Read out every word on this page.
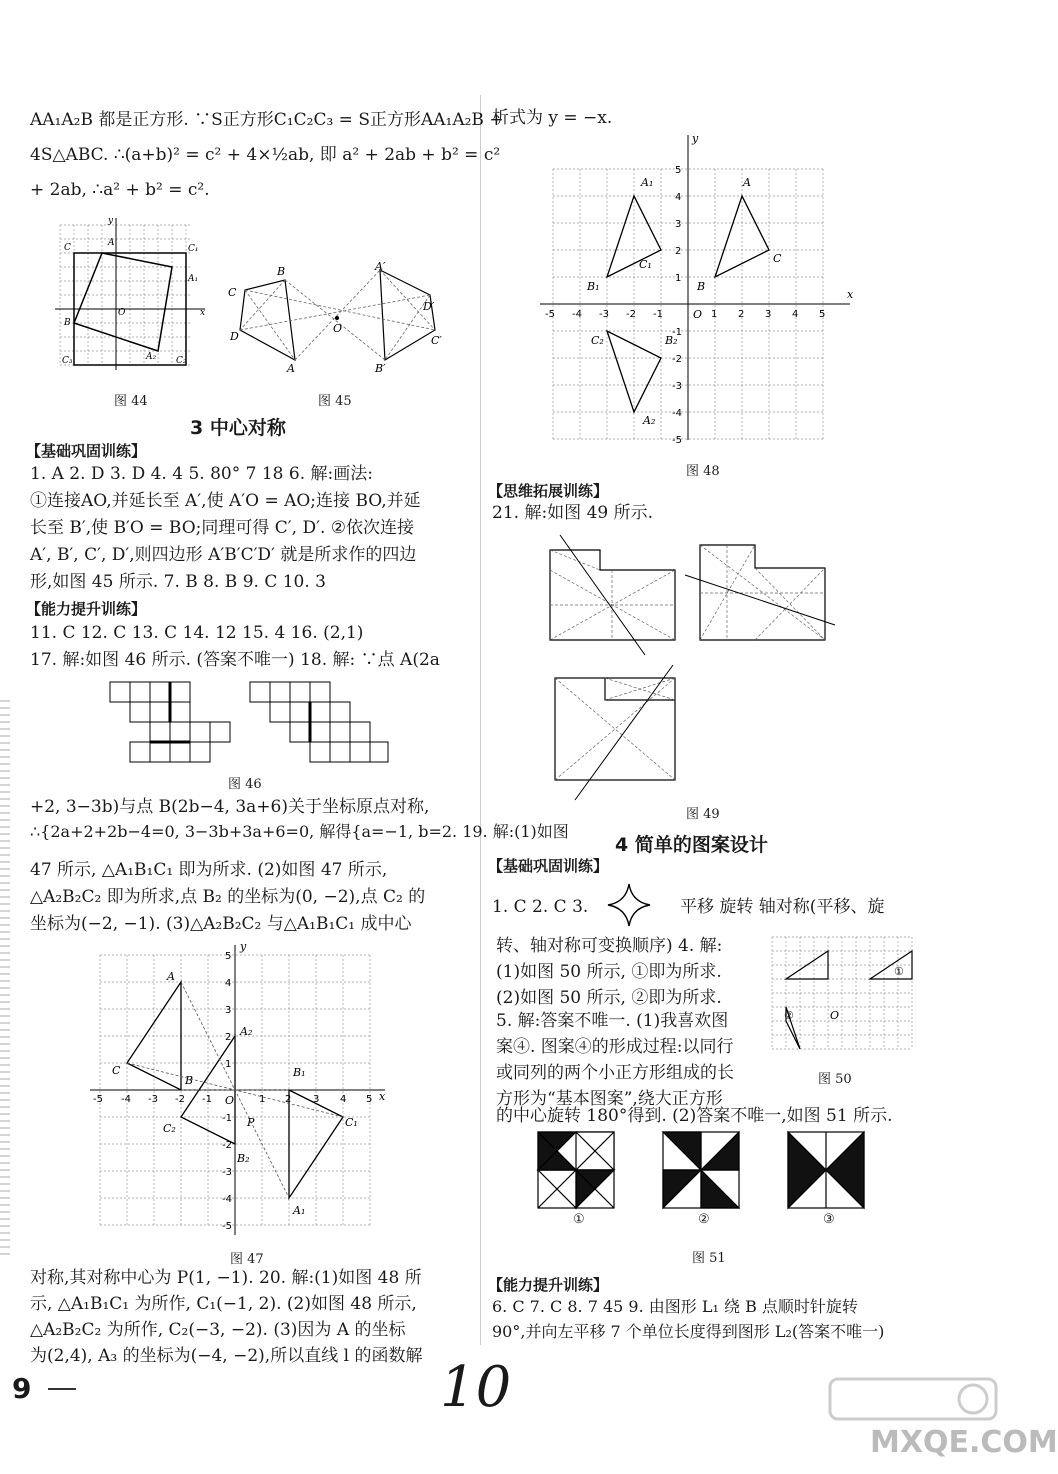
AA₁A₂B 都是正方形. ∵S正方形C₁C₂C₃ = S正方形AA₁A₂B +
4S△ABC. ∴(a+b)² = c² + 4×½ab, 即 a² + 2ab + b² = c²
+ 2ab, ∴a² + b² = c².
C	C₁
A₁
B
C₃	C₂
A
A₂
O	x
y
图 44
B
C
D
A
O
A′
D′
C′
B′
图 45
3 中心对称
【基础巩固训练】
1. A 2. D 3. D 4. 4 5. 80° 7 18 6. 解:画法:
①连接AO,并延长至 A′,使 A′O = AO;连接 BO,并延
长至 B′,使 B′O = BO;同理可得 C′, D′. ②依次连接
A′, B′, C′, D′,则四边形 A′B′C′D′ 就是所求作的四边
形,如图 45 所示. 7. B 8. B 9. C 10. 3
【能力提升训练】
11. C 12. C 13. C 14. 12 15. 4 16. (2,1)
17. 解:如图 46 所示. (答案不唯一) 18. 解: ∵点 A(2a
图 46
+2, 3−3b)与点 B(2b−4, 3a+6)关于坐标原点对称,
∴{2a+2+2b−4=0, 3−3b+3a+6=0, 解得{a=−1, b=2. 19. 解:(1)如图
47 所示, △A₁B₁C₁ 即为所求. (2)如图 47 所示,
△A₂B₂C₂ 即为所求,点 B₂ 的坐标为(0, −2),点 C₂ 的
坐标为(−2, −1). (3)△A₂B₂C₂ 与△A₁B₁C₁ 成中心
A
C
B
A₂
C₂
B₂
B₁
C₁
A₁
P
O	x
y
-5 -4 -3 -2 -1	1 2 3 4 5
5
4
3
2
1
-1
-2
-3
-4
-5
图 47
对称,其对称中心为 P(1, −1). 20. 解:(1)如图 48 所
示, △A₁B₁C₁ 为所作, C₁(−1, 2). (2)如图 48 所示,
△A₂B₂C₂ 为所作, C₂(−3, −2). (3)因为 A 的坐标
为(2,4), A₃ 的坐标为(−4, −2),所以直线 l 的函数解
析式为 y = −x.
A
C
B
A₁
C₁
B₁
C₂	B₂
A₂
O
x
y
-5 -4 -3 -2 -1	1 2 3 4 5
5
4
3
2
1
-1
-2
-3
-4
-5
图 48
【思维拓展训练】
21. 解:如图 49 所示.
图 49
4 简单的图案设计
【基础巩固训练】
1. C 2. C 3.	平移 旋转 轴对称(平移、旋
转、轴对称可变换顺序) 4. 解:
(1)如图 50 所示, ①即为所求.
(2)如图 50 所示, ②即为所求.
5. 解:答案不唯一. (1)我喜欢图
案④. 图案④的形成过程:以同行
或同列的两个小正方形组成的长
方形为“基本图案”,绕大正方形
的中心旋转 180°得到. (2)答案不唯一,如图 51 所示.
①
②	O
图 50
①	②	③
图 51
【能力提升训练】
6. C 7. C 8. 7 45 9. 由图形 L₁ 绕 B 点顺时针旋转
90°,并向左平移 7 个单位长度得到图形 L₂(答案不唯一)
9	10
MXQE.COM
